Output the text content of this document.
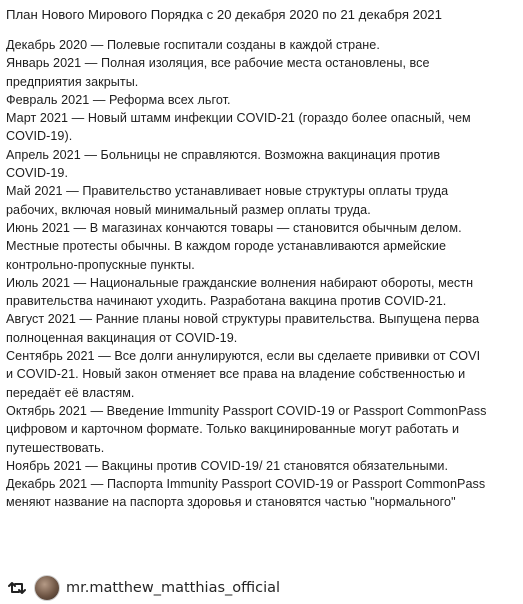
План Нового Мирового Порядка с 20 декабря 2020 по 21 декабря 2021

Декабрь 2020 — Полевые госпитали созданы в каждой стране.
Январь 2021 — Полная изоляция, все рабочие места остановлены, все
предприятия закрыты.
Февраль 2021 — Реформа всех льгот.
Март 2021 — Новый штамм инфекции COVID-21 (гораздо более опасный, чем
COVID-19).
Апрель 2021 — Больницы не справляются. Возможна вакцинация против
COVID-19.
Май 2021 — Правительство устанавливает новые структуры оплаты труда
рабочих, включая новый минимальный размер оплаты труда.
Июнь 2021 — В магазинах кончаются товары — становится обычным делом.
Местные протесты обычны. В каждом городе устанавливаются армейские
контрольно-пропускные пункты.
Июль 2021 — Национальные гражданские волнения набирают обороты, местн
правительства начинают уходить. Разработана вакцина против COVID-21.
Август 2021 — Ранние планы новой структуры правительства. Выпущена перва
полноценная вакцинация от COVID-19.
Сентябрь 2021 — Все долги аннулируются, если вы сделаете прививки от COVI
и COVID-21. Новый закон отменяет все права на владение собственностью и
передаёт её властям.
Октябрь 2021 — Введение Immunity Passport COVID-19 or Passport CommonPass
цифровом и карточном формате. Только вакцинированные могут работать и
путешествовать.
Ноябрь 2021 — Вакцины против COVID-19/ 21 становятся обязательными.
Декабрь 2021 — Паспорта Immunity Passport COVID-19 or Passport CommonPass
меняют название на паспорта здоровья и становятся частью "нормального"
mr.matthew_matthias_official
